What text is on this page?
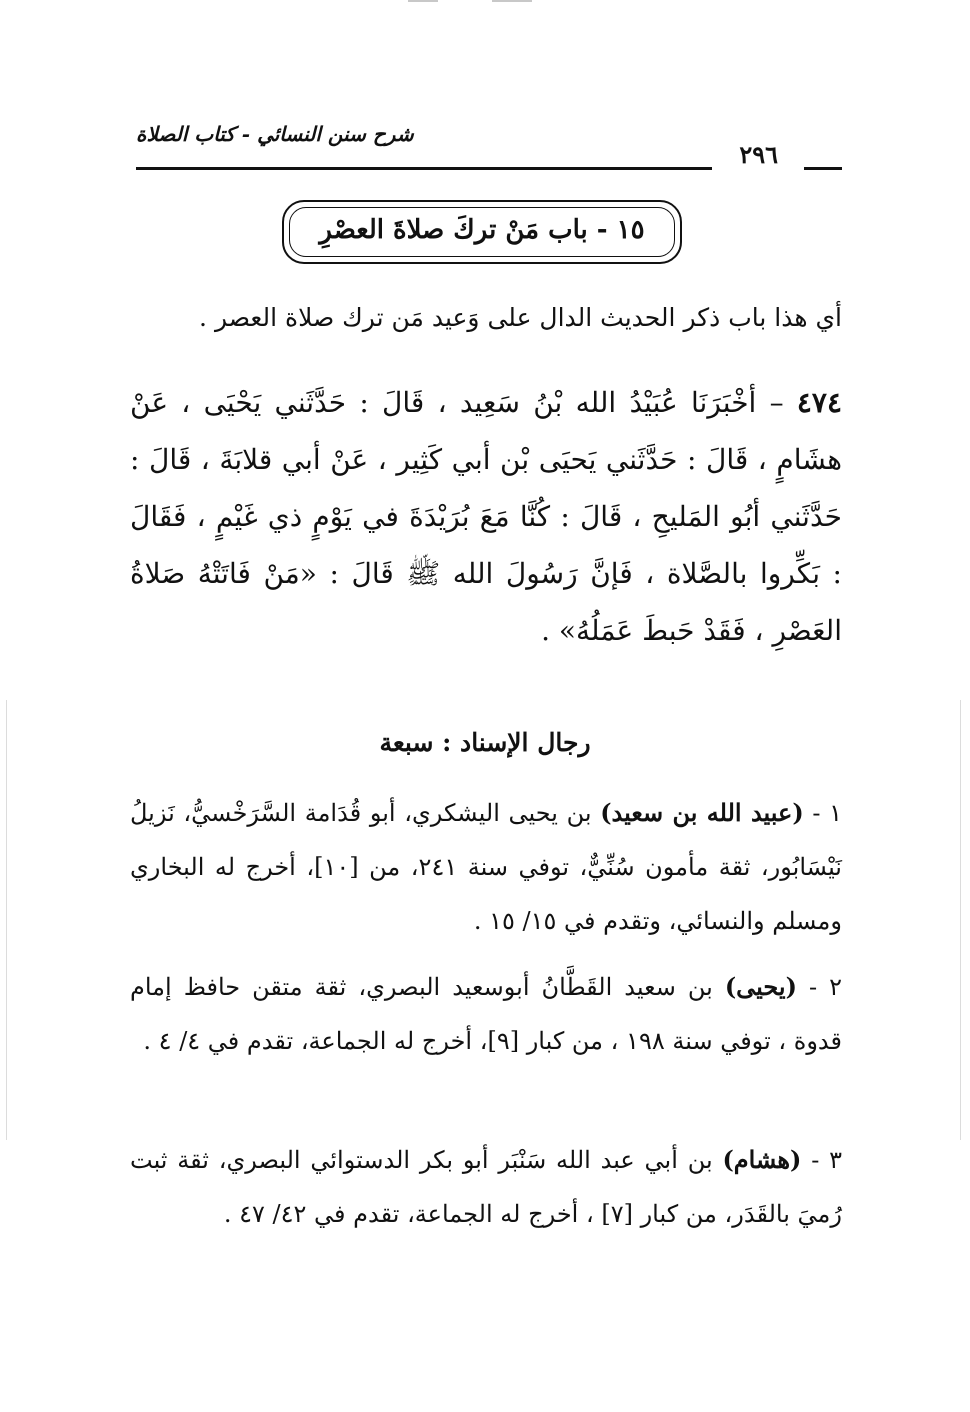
شرح سنن النسائي - كتاب الصلاة
٢٩٦
١٥ - باب مَنْ تركَ صلاةَ العصْرِ
أي هذا باب ذكر الحديث الدال على وَعيد مَن ترك صلاة العصر .
٤٧٤ – أخْبَرَنَا عُبَيْدُ الله بْنُ سَعِيد ، قَالَ : حَدَّثَني يَحْيَى ، عَنْ هشَامٍ ، قَالَ : حَدَّثَني يَحيَى بْن أبي كَثِير ، عَنْ أبي قلابَةَ ، قَالَ : حَدَّثَني أبُو المَليحِ ، قَالَ : كُنَّا مَعَ بُرَيْدَةَ في يَوْمٍ ذي غَيْمٍ ، فَقَالَ : بَكِّروا بالصَّلاة ، فَإنَّ رَسُولَ الله ﷺ قَالَ : «مَنْ فَاتَتْهُ صَلاةُ العَصْرِ ، فَقَدْ حَبطَ عَمَلُهُ» .
رجال الإسناد : سبعة
١ - (عبيد الله بن سعيد) بن يحيى اليشكري، أبو قُدَامة السَّرَخْسيُّ، نَزيلُ نَيْسَابُور، ثقة مأمون سُنِّيٌّ، توفي سنة ٢٤١، من [١٠]، أخرج له البخاري ومسلم والنسائي، وتقدم في ١٥/ ١٥ .
٢ - (يحيى) بن سعيد القَطَّانُ أبوسعيد البصري، ثقة متقن حافظ إمام قدوة ، توفي سنة ١٩٨ ، من كبار [٩]، أخرج له الجماعة، تقدم في ٤/ ٤ .
٣ - (هشام) بن أبي عبد الله سَنْبَر أبو بكر الدستوائي البصري، ثقة ثبت رُميَ بالقَدَر، من كبار [٧] ، أخرج له الجماعة، تقدم في ٤٢/ ٤٧ .
